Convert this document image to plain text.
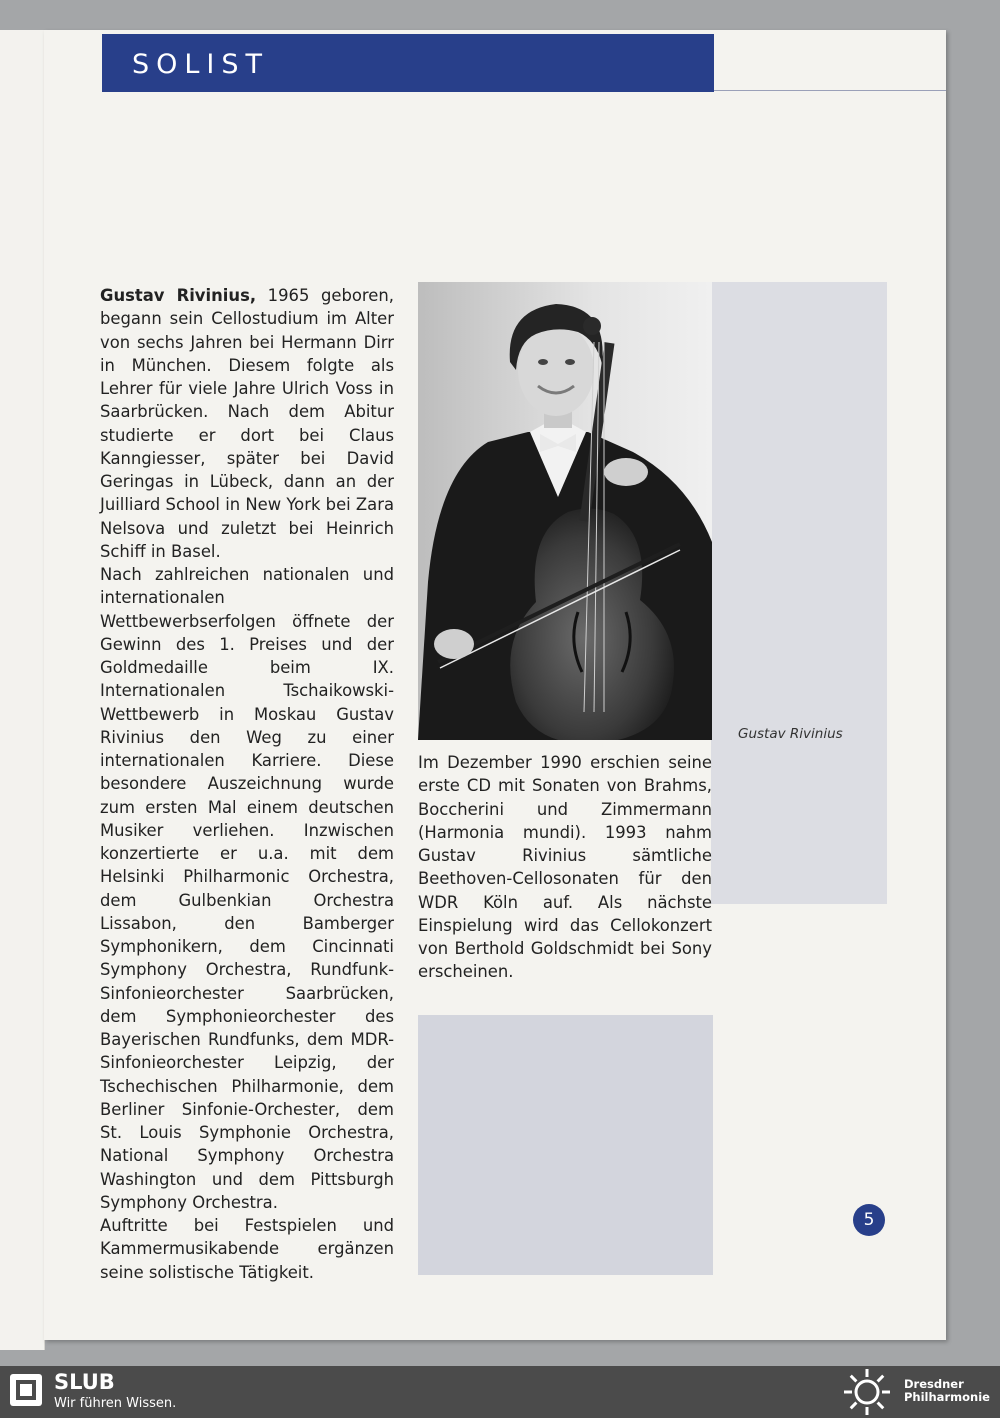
SOLIST

Gustav Rivinius, 1965 geboren, begann sein Cellostudium im Alter von sechs Jahren bei Hermann Dirr in München. Diesem folgte als Lehrer für viele Jahre Ulrich Voss in Saarbrücken. Nach dem Abitur studierte er dort bei Claus Kanngiesser, später bei David Geringas in Lübeck, dann an der Juilliard School in New York bei Zara Nelsova und zuletzt bei Heinrich Schiff in Basel.

Nach zahlreichen nationalen und internationalen Wettbewerbserfolgen öffnete der Gewinn des 1. Preises und der Goldmedaille beim IX. Internationalen Tschaikowski-Wettbewerb in Moskau Gustav Rivinius den Weg zu einer internationalen Karriere. Diese besondere Auszeichnung wurde zum ersten Mal einem deutschen Musiker verliehen. Inzwischen konzertierte er u.a. mit dem Helsinki Philharmonic Orchestra, dem Gulbenkian Orchestra Lissabon, den Bamberger Symphonikern, dem Cincinnati Symphony Orchestra, Rundfunk-Sinfonieorchester Saarbrücken, dem Symphonieorchester des Bayerischen Rundfunks, dem MDR-Sinfonieorchester Leipzig, der Tschechischen Philharmonie, dem Berliner Sinfonie-Orchester, dem St. Louis Symphonie Orchestra, National Symphony Orchestra Washington und dem Pittsburgh Symphony Orchestra.

Auftritte bei Festspielen und Kammermusikabende ergänzen seine solistische Tätigkeit.

Gustav Rivinius

Im Dezember 1990 erschien seine erste CD mit Sonaten von Brahms, Boccherini und Zimmermann (Harmonia mundi). 1993 nahm Gustav Rivinius sämtliche Beethoven-Cellosonaten für den WDR Köln auf. Als nächste Einspielung wird das Cellokonzert von Berthold Goldschmidt bei Sony erscheinen.

5
SLUB
Wir führen Wissen.
Dresdner
Philharmonie
